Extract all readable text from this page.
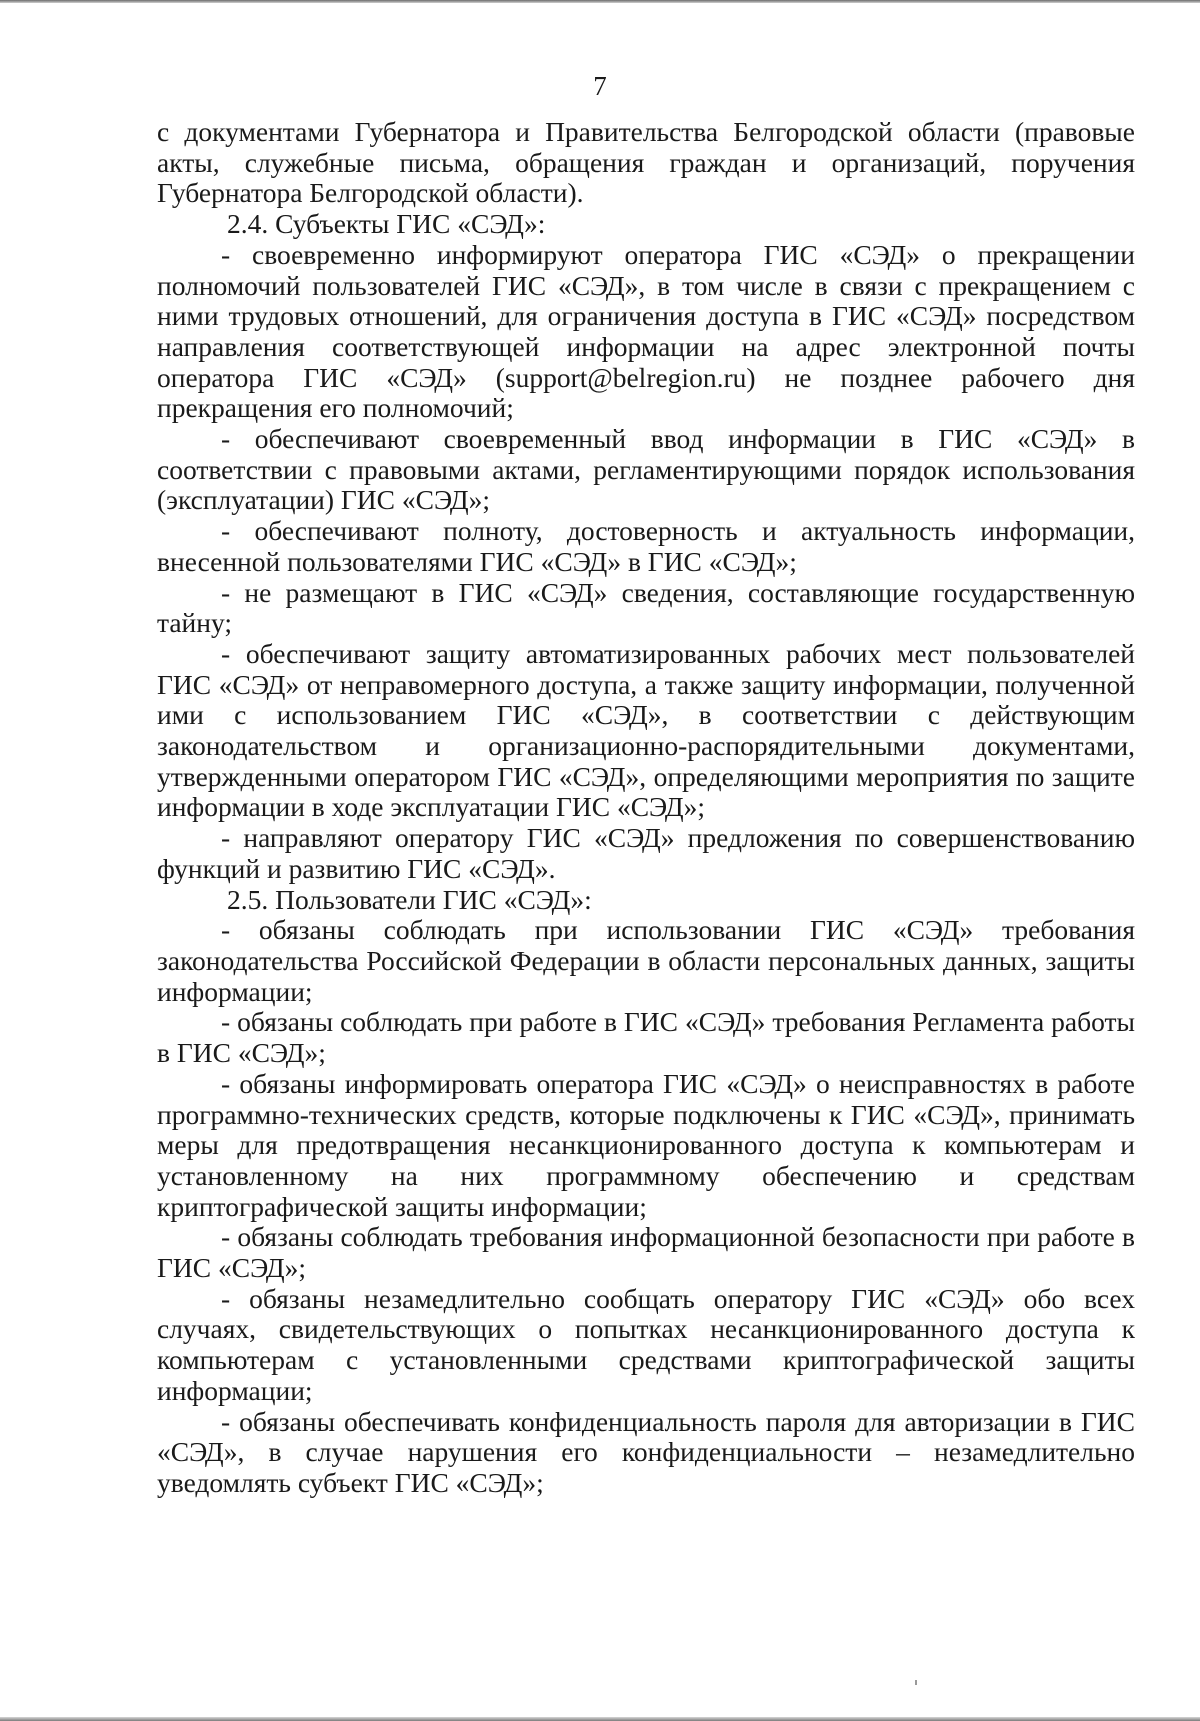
7

с документами Губернатора и Правительства Белгородской области (правовые акты, служебные письма, обращения граждан и организаций, поручения Губернатора Белгородской области).

2.4. Субъекты ГИС «СЭД»:

- своевременно информируют оператора ГИС «СЭД» о прекращении полномочий пользователей ГИС «СЭД», в том числе в связи с прекращением с ними трудовых отношений, для ограничения доступа в ГИС «СЭД» посредством направления соответствующей информации на адрес электронной почты оператора ГИС «СЭД» (support@belregion.ru) не позднее рабочего дня прекращения его полномочий;

- обеспечивают своевременный ввод информации в ГИС «СЭД» в соответствии с правовыми актами, регламентирующими порядок использования (эксплуатации) ГИС «СЭД»;

- обеспечивают полноту, достоверность и актуальность информации, внесенной пользователями ГИС «СЭД» в ГИС «СЭД»;

- не размещают в ГИС «СЭД» сведения, составляющие государственную тайну;

- обеспечивают защиту автоматизированных рабочих мест пользователей ГИС «СЭД» от неправомерного доступа, а также защиту информации, полученной ими с использованием ГИС «СЭД», в соответствии с действующим законодательством и организационно-распорядительными документами, утвержденными оператором ГИС «СЭД», определяющими мероприятия по защите информации в ходе эксплуатации ГИС «СЭД»;

- направляют оператору ГИС «СЭД» предложения по совершенствованию функций и развитию ГИС «СЭД».

2.5. Пользователи ГИС «СЭД»:

- обязаны соблюдать при использовании ГИС «СЭД» требования законодательства Российской Федерации в области персональных данных, защиты информации;

- обязаны соблюдать при работе в ГИС «СЭД» требования Регламента работы в ГИС «СЭД»;

- обязаны информировать оператора ГИС «СЭД» о неисправностях в работе программно-технических средств, которые подключены к ГИС «СЭД», принимать меры для предотвращения несанкционированного доступа к компьютерам и установленному на них программному обеспечению и средствам криптографической защиты информации;

- обязаны соблюдать требования информационной безопасности при работе в ГИС «СЭД»;

- обязаны незамедлительно сообщать оператору ГИС «СЭД» обо всех случаях, свидетельствующих о попытках несанкционированного доступа к компьютерам с установленными средствами криптографической защиты информации;

- обязаны обеспечивать конфиденциальность пароля для авторизации в ГИС «СЭД», в случае нарушения его конфиденциальности – незамедлительно уведомлять субъект ГИС «СЭД»;
